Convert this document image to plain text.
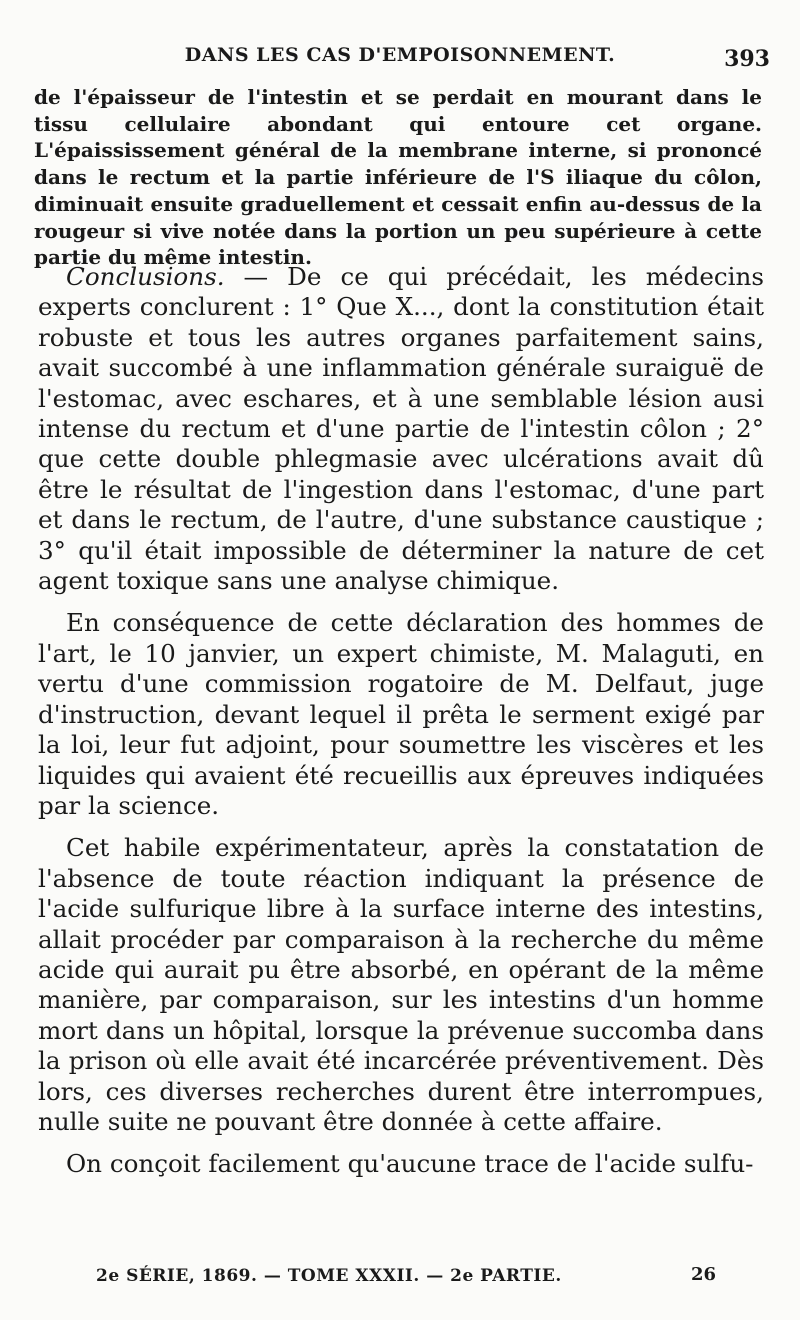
DANS LES CAS D'EMPOISONNEMENT.	393

de l'épaisseur de l'intestin et se perdait en mourant dans le tissu cellulaire abondant qui entoure cet organe. L'épaississement général de la membrane interne, si prononcé dans le rectum et la partie inférieure de l'S iliaque du côlon, diminuait ensuite graduellement et cessait enfin au-dessus de la rougeur si vive notée dans la portion un peu supérieure à cette partie du même intestin.

Conclusions. — De ce qui précédait, les médecins experts conclurent : 1° Que X..., dont la constitution était robuste et tous les autres organes parfaitement sains, avait succombé à une inflammation générale suraiguë de l'estomac, avec eschares, et à une semblable lésion ausi intense du rectum et d'une partie de l'intestin côlon ; 2° que cette double phlegmasie avec ulcérations avait dû être le résultat de l'ingestion dans l'estomac, d'une part et dans le rectum, de l'autre, d'une substance caustique ; 3° qu'il était impossible de déterminer la nature de cet agent toxique sans une analyse chimique.

En conséquence de cette déclaration des hommes de l'art, le 10 janvier, un expert chimiste, M. Malaguti, en vertu d'une commission rogatoire de M. Delfaut, juge d'instruction, devant lequel il prêta le serment exigé par la loi, leur fut adjoint, pour soumettre les viscères et les liquides qui avaient été recueillis aux épreuves indiquées par la science.

Cet habile expérimentateur, après la constatation de l'absence de toute réaction indiquant la présence de l'acide sulfurique libre à la surface interne des intestins, allait procéder par comparaison à la recherche du même acide qui aurait pu être absorbé, en opérant de la même manière, par comparaison, sur les intestins d'un homme mort dans un hôpital, lorsque la prévenue succomba dans la prison où elle avait été incarcérée préventivement. Dès lors, ces diverses recherches durent être interrompues, nulle suite ne pouvant être donnée à cette affaire.

On conçoit facilement qu'aucune trace de l'acide sulfu-

2e SÉRIE, 1869. — TOME XXXII. — 2e PARTIE.	26
